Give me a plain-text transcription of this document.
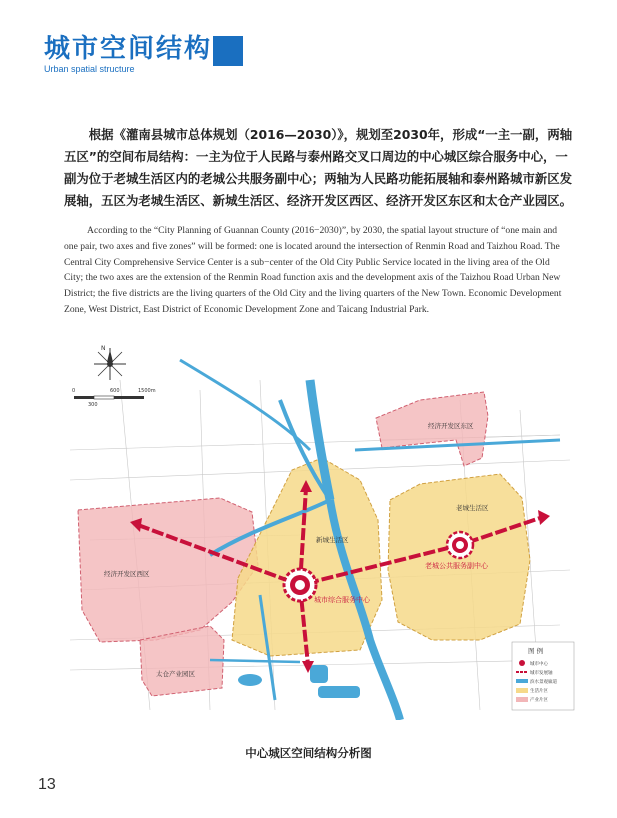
城市空间结构
Urban spatial structure

根据《灌南县城市总体规划（2016—2030）》，规划至2030年，形成“一主一副，两轴五区”的空间布局结构：一主为位于人民路与泰州路交叉口周边的中心城区综合服务中心，一副为位于老城生活区内的老城公共服务副中心；两轴为人民路功能拓展轴和泰州路城市新区发展轴，五区为老城生活区、新城生活区、经济开发区西区、经济开发区东区和太仓产业园区。

According to the “City Planning of Guannan County (2016−2030)”, by 2030, the spatial layout structure of “one main and one pair, two axes and five zones” will be formed: one is located around the intersection of Renmin Road and Taizhou Road. The Central City Comprehensive Service Center is a sub−center of the Old City Public Service located in the living area of the Old City; the two axes are the extension of the Renmin Road function axis and the development axis of the Taizhou Road Urban New District; the five districts are the living quarters of the Old City and the living quarters of the New Town. Economic Development Zone, West District, East District of Economic Development Zone and Taicang Industrial Park.

经济开发区东区
经济开发区西区
新城生活区
老城生活区
太仓产业园区
城市综合服务中心
老城公共服务副中心
N
0	600	1500m
300
图 例
城市中心
城市发展轴
滨水景观廊道
生活片区
产业片区
中心城区空间结构分析图
13
